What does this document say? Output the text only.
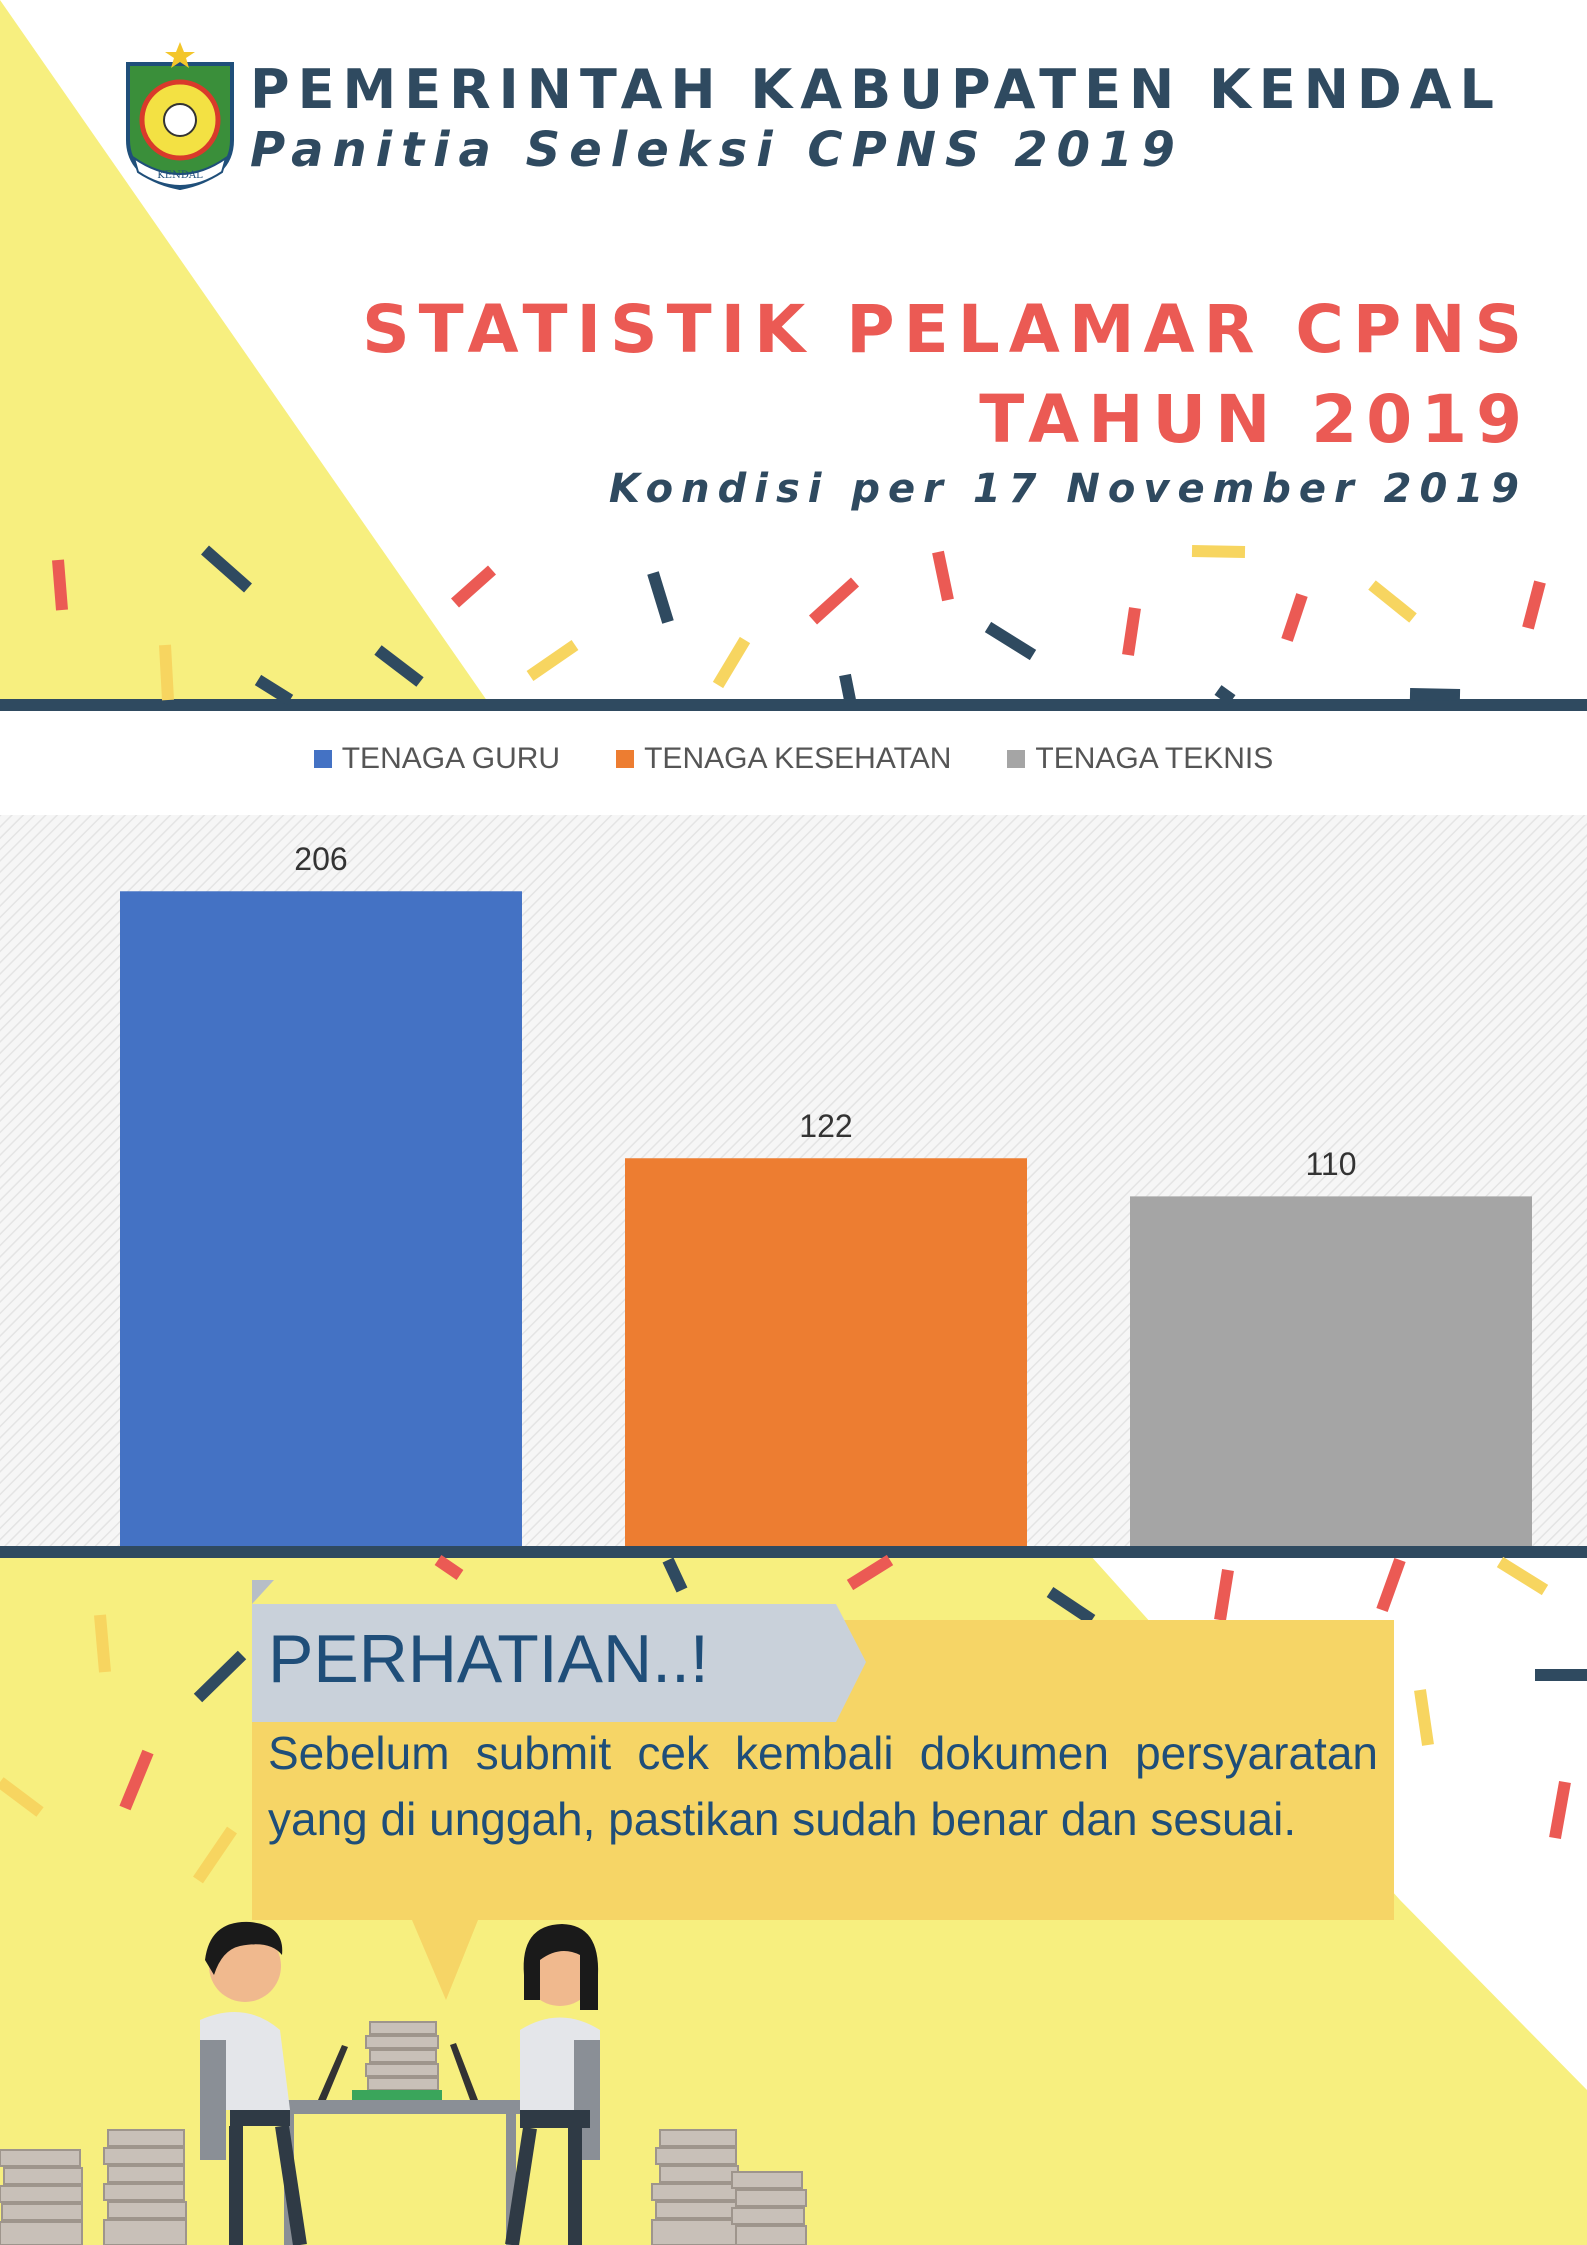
KENDAL
PEMERINTAH KABUPATEN KENDAL
Panitia Seleksi CPNS 2019
STATISTIK PELAMAR CPNS
TAHUN 2019
Kondisi per 17 November 2019
TENAGA GURU	TENAGA KESEHATAN	TENAGA TEKNIS
206
122
110
PERHATIAN..!
Sebelum submit cek kembali dokumen persyaratan yang di unggah, pastikan sudah benar dan sesuai.
